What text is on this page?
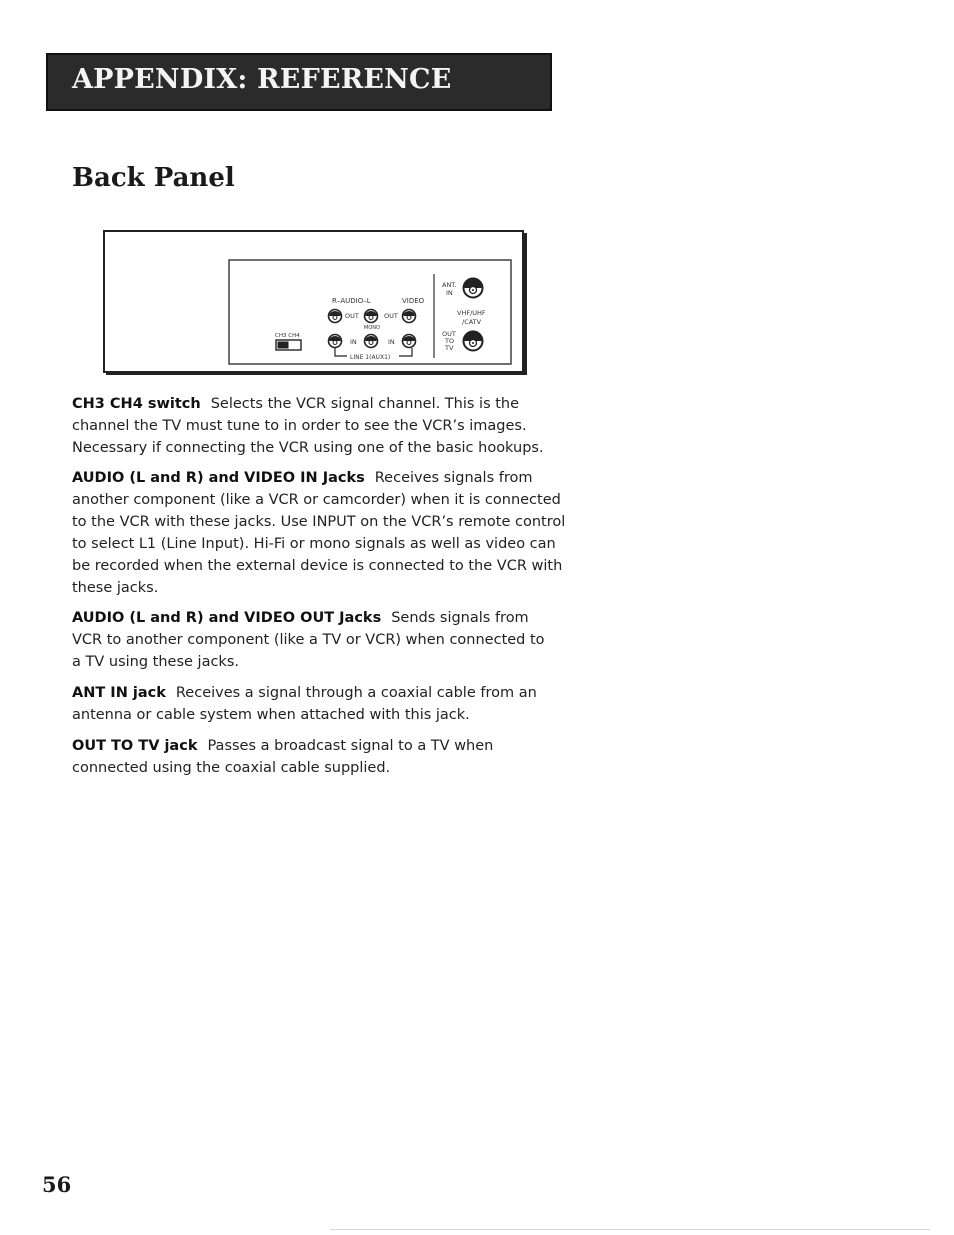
APPENDIX: REFERENCE
Back Panel
R–AUDIO–L	VIDEO
OUT	OUT
MONO
CH3 CH4
IN	IN
LINE 1(AUX1)
ANT.
IN
VHF/UHF
/CATV
OUT
TO
TV

CH3 CH4 switch Selects the VCR signal channel. This is the channel the TV must tune to in order to see the VCR’s images. Necessary if connecting the VCR using one of the basic hookups.

AUDIO (L and R) and VIDEO IN Jacks Receives signals from another component (like a VCR or camcorder) when it is connected to the VCR with these jacks. Use INPUT on the VCR’s remote control to select L1 (Line Input). Hi-Fi or mono signals as well as video can be recorded when the external device is connected to the VCR with these jacks.

AUDIO (L and R) and VIDEO OUT Jacks Sends signals from VCR to another component (like a TV or VCR) when connected to a TV using these jacks.

ANT IN jack Receives a signal through a coaxial cable from an antenna or cable system when attached with this jack.

OUT TO TV jack Passes a broadcast signal to a TV when connected using the coaxial cable supplied.

56
